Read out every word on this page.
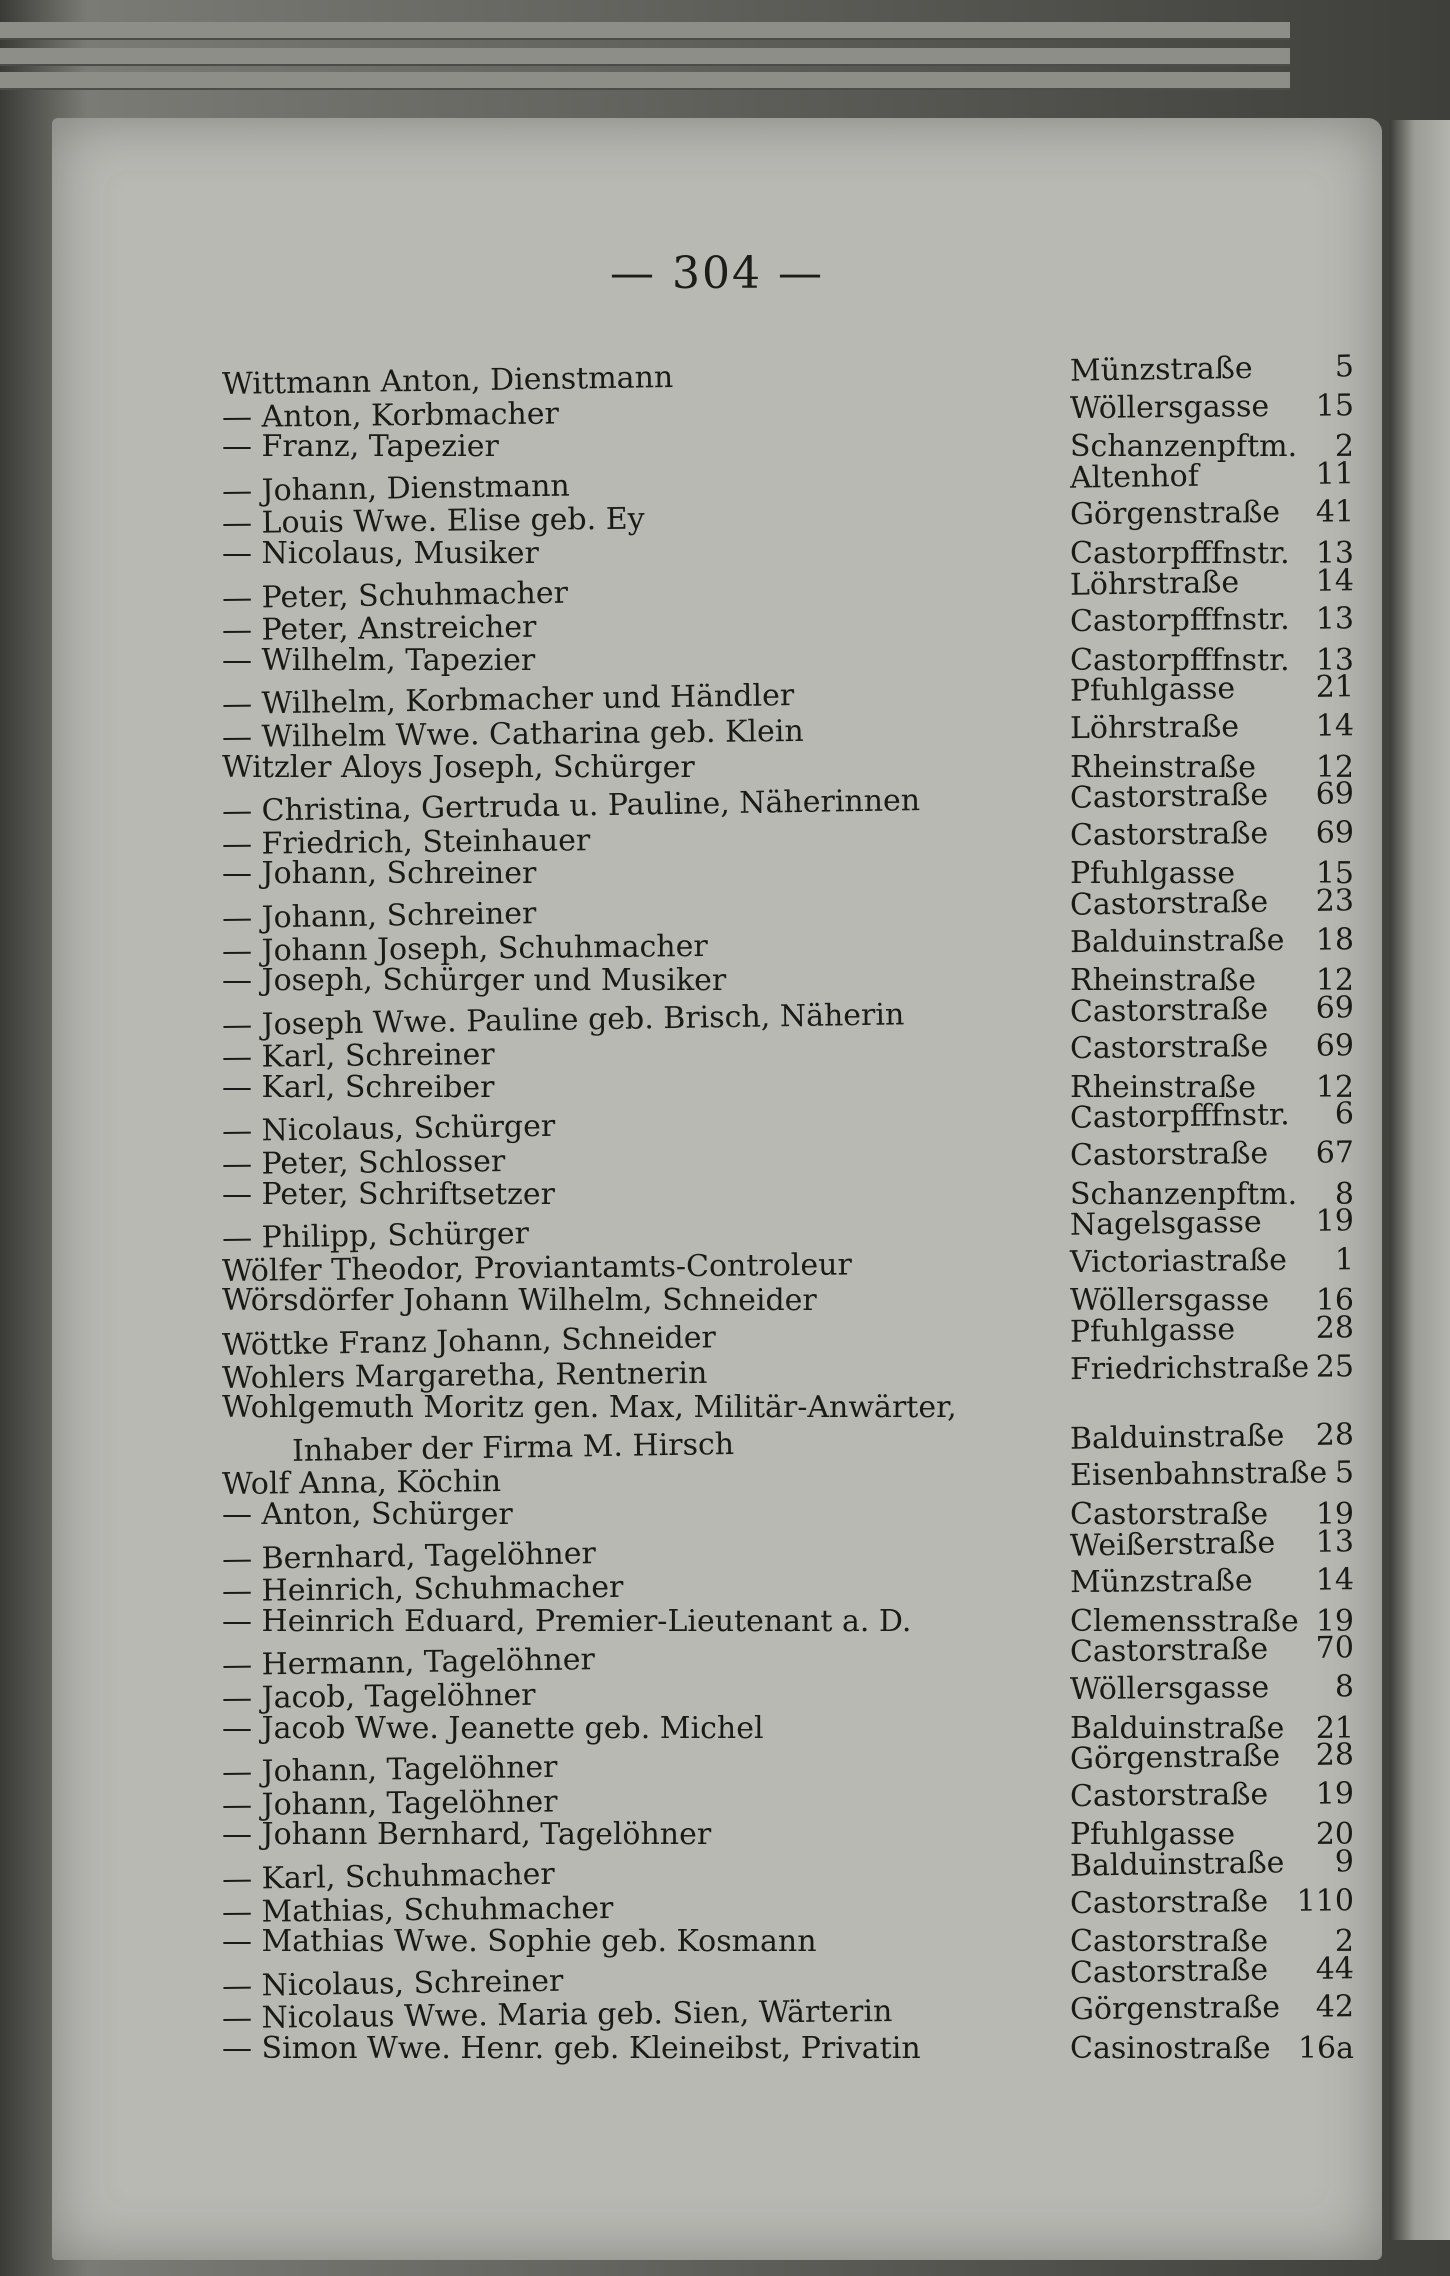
— 304 —
Wittmann Anton, Dienstmann	Münzstraße	5
— Anton, Korbmacher	Wöllersgasse 15
— Franz, Tapezier	Schanzenpftm. 2
— Johann, Dienstmann	Altenhof	11
— Louis Wwe. Elise geb. Ey	Görgenstraße 41
— Nicolaus, Musiker	Castorpfffnstr. 13
— Peter, Schuhmacher	Löhrstraße	14
— Peter, Anstreicher	Castorpfffnstr. 13
— Wilhelm, Tapezier	Castorpfffnstr. 13
— Wilhelm, Korbmacher und Händler	Pfuhlgasse	21
— Wilhelm Wwe. Catharina geb. Klein	Löhrstraße	14
Witzler Aloys Joseph, Schürger	Rheinstraße 12
— Christina, Gertruda u. Pauline, Näherinnen	Castorstraße 69
— Friedrich, Steinhauer	Castorstraße 69
— Johann, Schreiner	Pfuhlgasse	15
— Johann, Schreiner	Castorstraße 23
— Johann Joseph, Schuhmacher	Balduinstraße 18
— Joseph, Schürger und Musiker	Rheinstraße 12
— Joseph Wwe. Pauline geb. Brisch, Näherin	Castorstraße 69
— Karl, Schreiner	Castorstraße 69
— Karl, Schreiber	Rheinstraße 12
— Nicolaus, Schürger	Castorpfffnstr. 6
— Peter, Schlosser	Castorstraße 67
— Peter, Schriftsetzer	Schanzenpftm. 8
— Philipp, Schürger	Nagelsgasse 19
Wölfer Theodor, Proviantamts-Controleur	Victoriastraße 1
Wörsdörfer Johann Wilhelm, Schneider	Wöllersgasse 16
Wöttke Franz Johann, Schneider	Pfuhlgasse	28
Wohlers Margaretha, Rentnerin	Friedrichstraße 25
Wohlgemuth Moritz gen. Max, Militär-Anwärter,
Inhaber der Firma M. Hirsch	Balduinstraße 28
Wolf Anna, Köchin	Eisenbahnstraße 5
— Anton, Schürger	Castorstraße 19
— Bernhard, Tagelöhner	Weißerstraße 13
— Heinrich, Schuhmacher	Münzstraße 14
— Heinrich Eduard, Premier-Lieutenant a. D.	Clemensstraße 19
— Hermann, Tagelöhner	Castorstraße 70
— Jacob, Tagelöhner	Wöllersgasse 8
— Jacob Wwe. Jeanette geb. Michel	Balduinstraße 21
— Johann, Tagelöhner	Görgenstraße 28
— Johann, Tagelöhner	Castorstraße 19
— Johann Bernhard, Tagelöhner	Pfuhlgasse	20
— Karl, Schuhmacher	Balduinstraße 9
— Mathias, Schuhmacher	Castorstraße 110
— Mathias Wwe. Sophie geb. Kosmann	Castorstraße 2
— Nicolaus, Schreiner	Castorstraße 44
— Nicolaus Wwe. Maria geb. Sien, Wärterin	Görgenstraße 42
— Simon Wwe. Henr. geb. Kleineibst, Privatin	Casinostraße 16a
